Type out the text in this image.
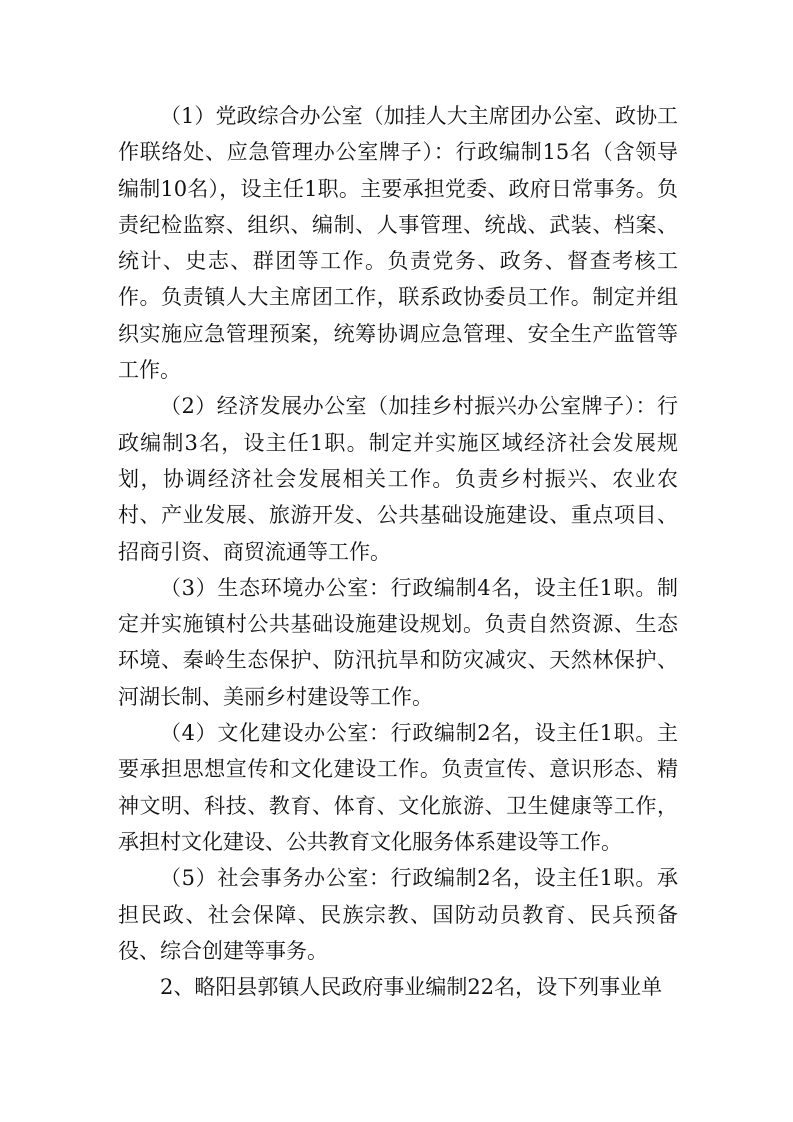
（1）党政综合办公室（加挂人大主席团办公室、政协工作联络处、应急管理办公室牌子）：行政编制15名（含领导编制10名），设主任1职。主要承担党委、政府日常事务。负责纪检监察、组织、编制、人事管理、统战、武装、档案、统计、史志、群团等工作。负责党务、政务、督查考核工作。负责镇人大主席团工作，联系政协委员工作。制定并组织实施应急管理预案，统筹协调应急管理、安全生产监管等工作。

（2）经济发展办公室（加挂乡村振兴办公室牌子）：行政编制3名，设主任1职。制定并实施区域经济社会发展规划，协调经济社会发展相关工作。负责乡村振兴、农业农村、产业发展、旅游开发、公共基础设施建设、重点项目、招商引资、商贸流通等工作。

（3）生态环境办公室：行政编制4名，设主任1职。制定并实施镇村公共基础设施建设规划。负责自然资源、生态环境、秦岭生态保护、防汛抗旱和防灾减灾、天然林保护、河湖长制、美丽乡村建设等工作。

（4）文化建设办公室：行政编制2名，设主任1职。主要承担思想宣传和文化建设工作。负责宣传、意识形态、精神文明、科技、教育、体育、文化旅游、卫生健康等工作，承担村文化建设、公共教育文化服务体系建设等工作。

（5）社会事务办公室：行政编制2名，设主任1职。承担民政、社会保障、民族宗教、国防动员教育、民兵预备役、综合创建等事务。

2、略阳县郭镇人民政府事业编制22名，设下列事业单
